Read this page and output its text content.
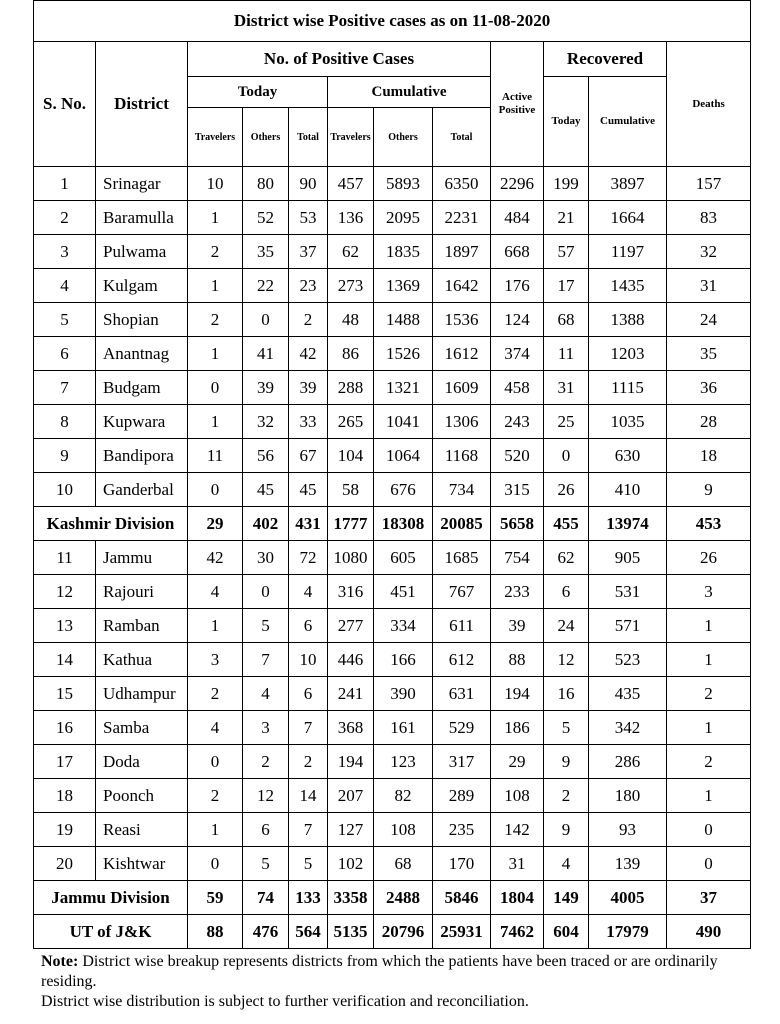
District wise Positive cases as on 11-08-2020											
S. No.	District	No. of Positive Cases						Active Positive	Recovered		Deaths
		Today			Cumulative				Today	Cumulative	
		Travelers	Others	Total	Travelers	Others	Total				
1	Srinagar	10	80	90	457	5893	6350	2296	199	3897	157
2	Baramulla	1	52	53	136	2095	2231	484	21	1664	83
3	Pulwama	2	35	37	62	1835	1897	668	57	1197	32
4	Kulgam	1	22	23	273	1369	1642	176	17	1435	31
5	Shopian	2	0	2	48	1488	1536	124	68	1388	24
6	Anantnag	1	41	42	86	1526	1612	374	11	1203	35
7	Budgam	0	39	39	288	1321	1609	458	31	1115	36
8	Kupwara	1	32	33	265	1041	1306	243	25	1035	28
9	Bandipora	11	56	67	104	1064	1168	520	0	630	18
10	Ganderbal	0	45	45	58	676	734	315	26	410	9
Kashmir Division		29	402	431	1777	18308	20085	5658	455	13974	453
11	Jammu	42	30	72	1080	605	1685	754	62	905	26
12	Rajouri	4	0	4	316	451	767	233	6	531	3
13	Ramban	1	5	6	277	334	611	39	24	571	1
14	Kathua	3	7	10	446	166	612	88	12	523	1
15	Udhampur	2	4	6	241	390	631	194	16	435	2
16	Samba	4	3	7	368	161	529	186	5	342	1
17	Doda	0	2	2	194	123	317	29	9	286	2
18	Poonch	2	12	14	207	82	289	108	2	180	1
19	Reasi	1	6	7	127	108	235	142	9	93	0
20	Kishtwar	0	5	5	102	68	170	31	4	139	0
Jammu Division		59	74	133	3358	2488	5846	1804	149	4005	37
UT of J&K		88	476	564	5135	20796	25931	7462	604	17979	490
Note: District wise breakup represents districts from which the patients have been traced or are ordinarily residing.
District wise distribution is subject to further verification and reconciliation.
